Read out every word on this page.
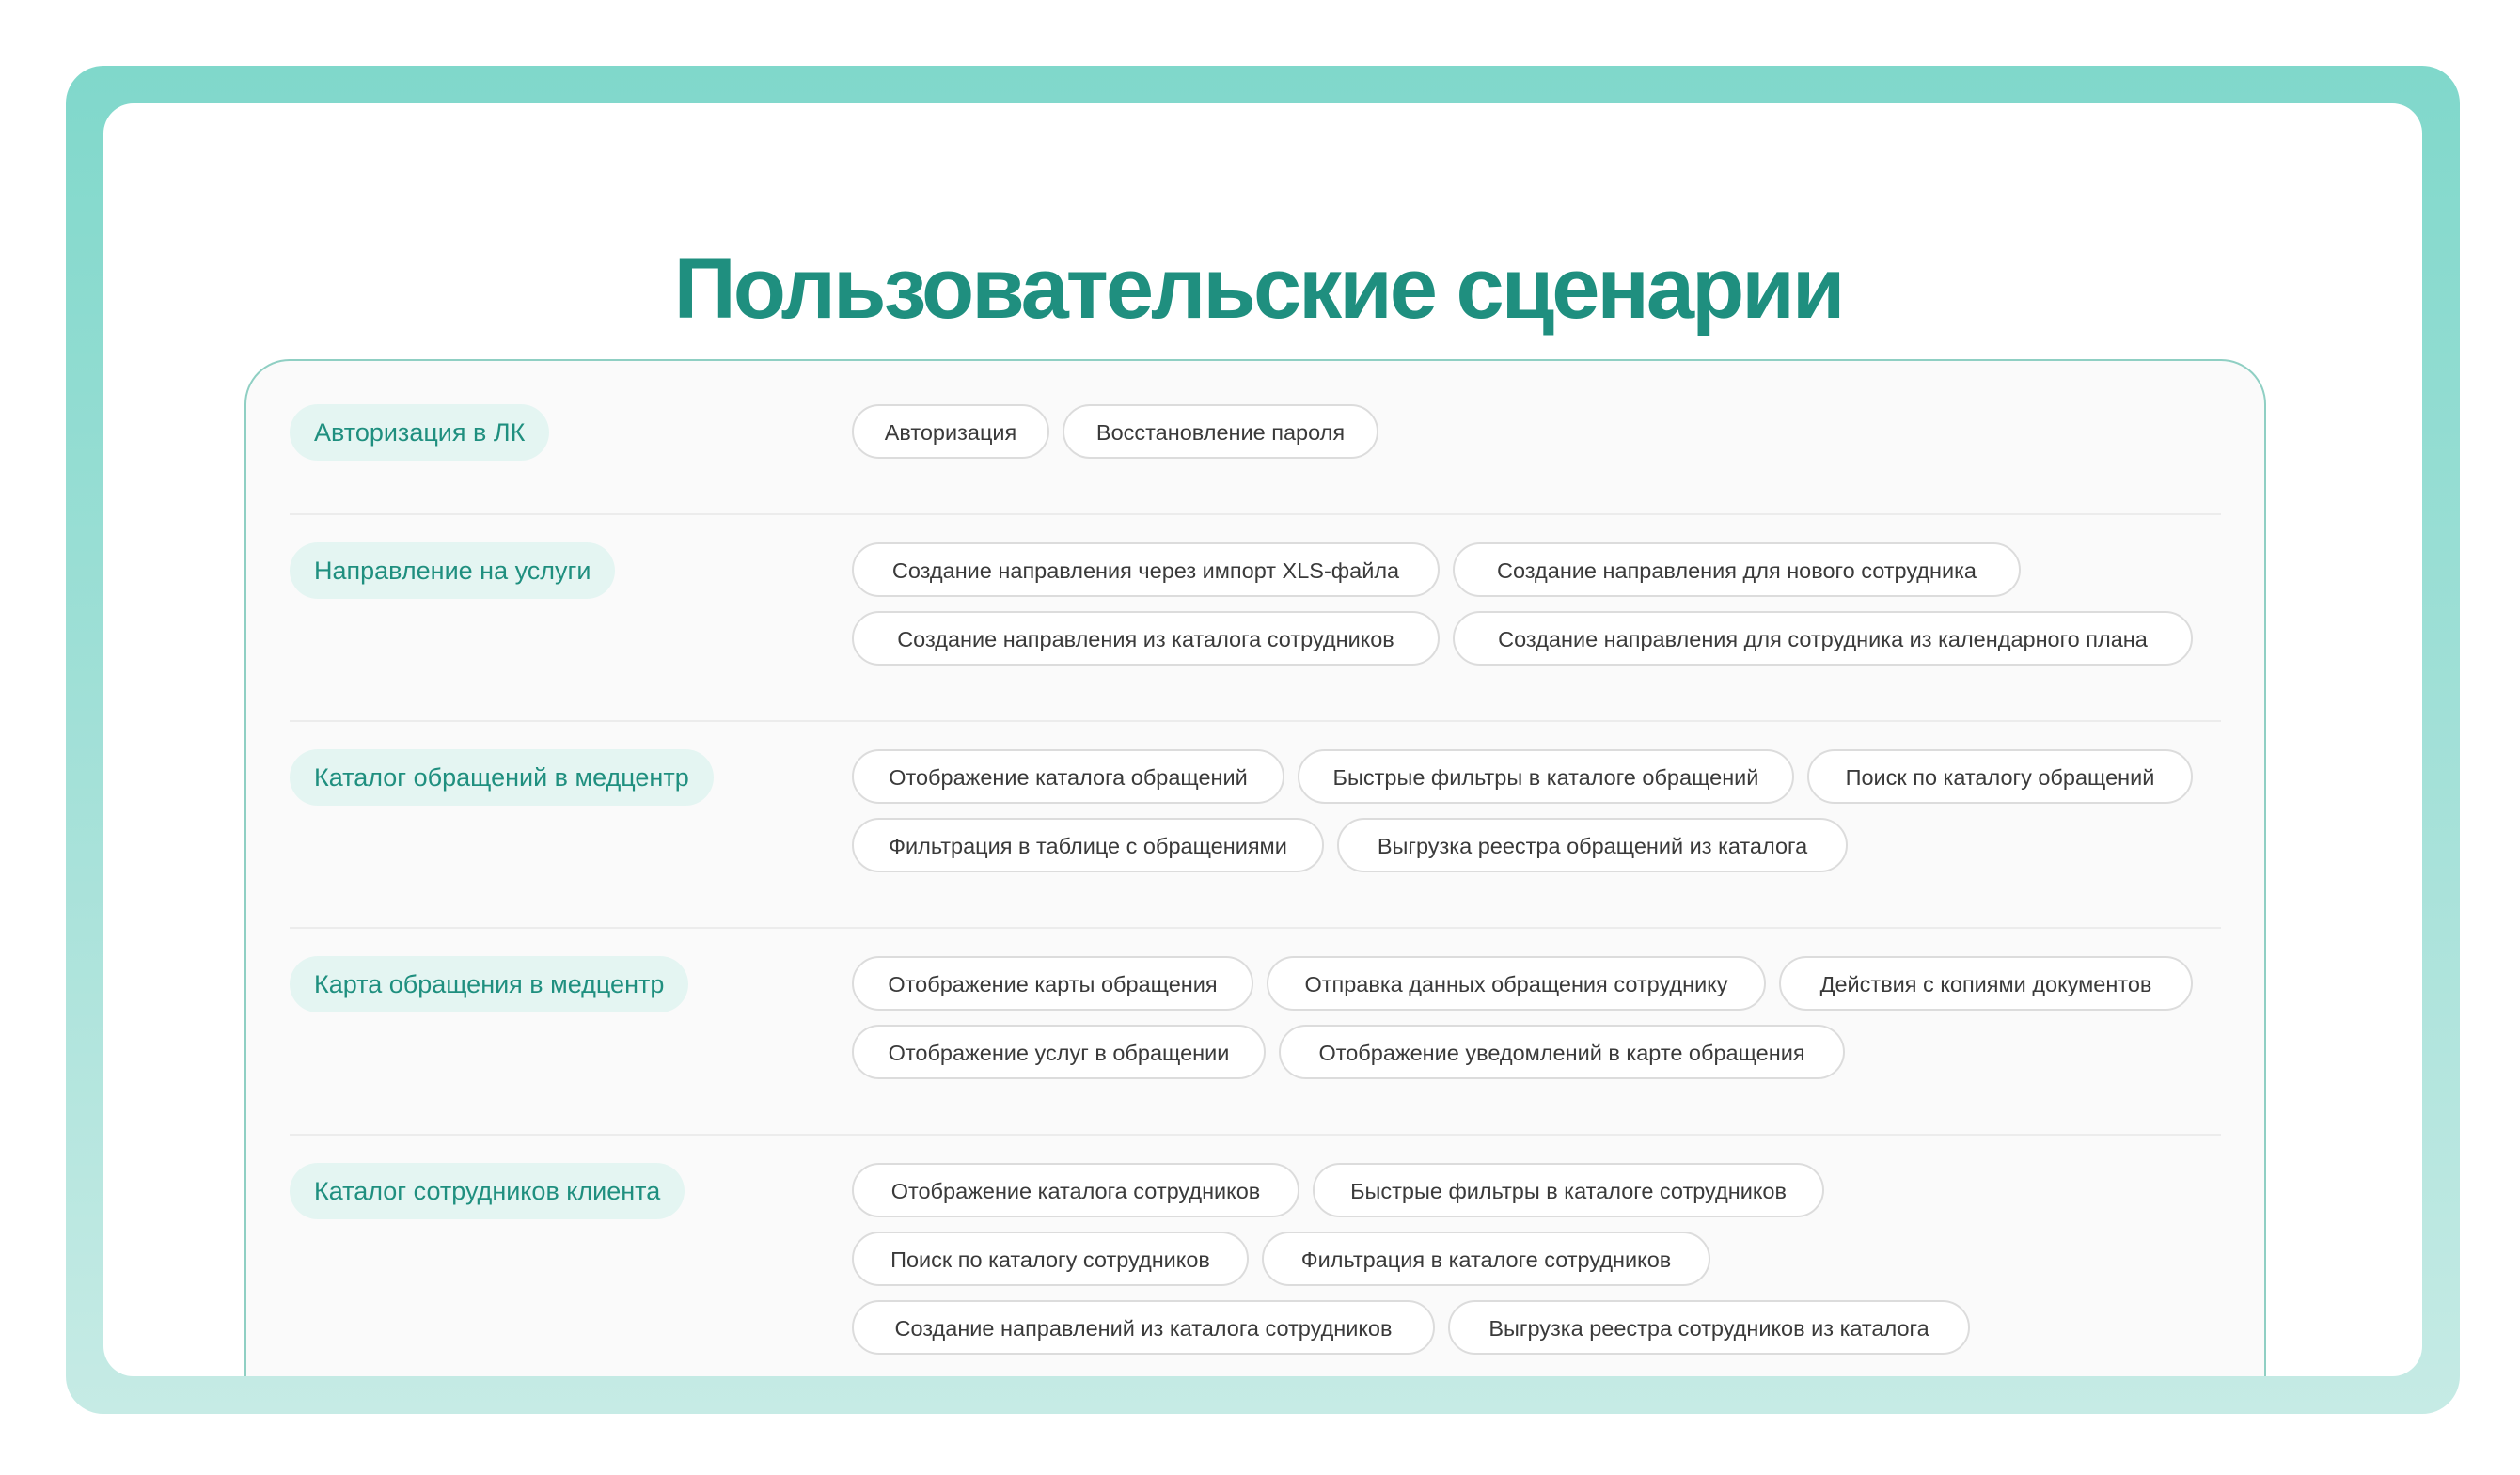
Пользовательские сценарии
Авторизация в ЛК	Авторизация	Восстановление пароля
Направление на услуги	Создание направления через импорт XLS-файла	Создание направления для нового сотрудника
Создание направления из каталога сотрудников	Создание направления для сотрудника из календарного плана
Каталог обращений в медцентр	Отображение каталога обращений	Быстрые фильтры в каталоге обращений	Поиск по каталогу обращений
Фильтрация в таблице с обращениями	Выгрузка реестра обращений из каталога
Карта обращения в медцентр	Отображение карты обращения	Отправка данных обращения сотруднику	Действия с копиями документов
Отображение услуг в обращении	Отображение уведомлений в карте обращения
Каталог сотрудников клиента	Отображение каталога сотрудников	Быстрые фильтры в каталоге сотрудников
Поиск по каталогу сотрудников	Фильтрация в каталоге сотрудников
Создание направлений из каталога сотрудников	Выгрузка реестра сотрудников из каталога
